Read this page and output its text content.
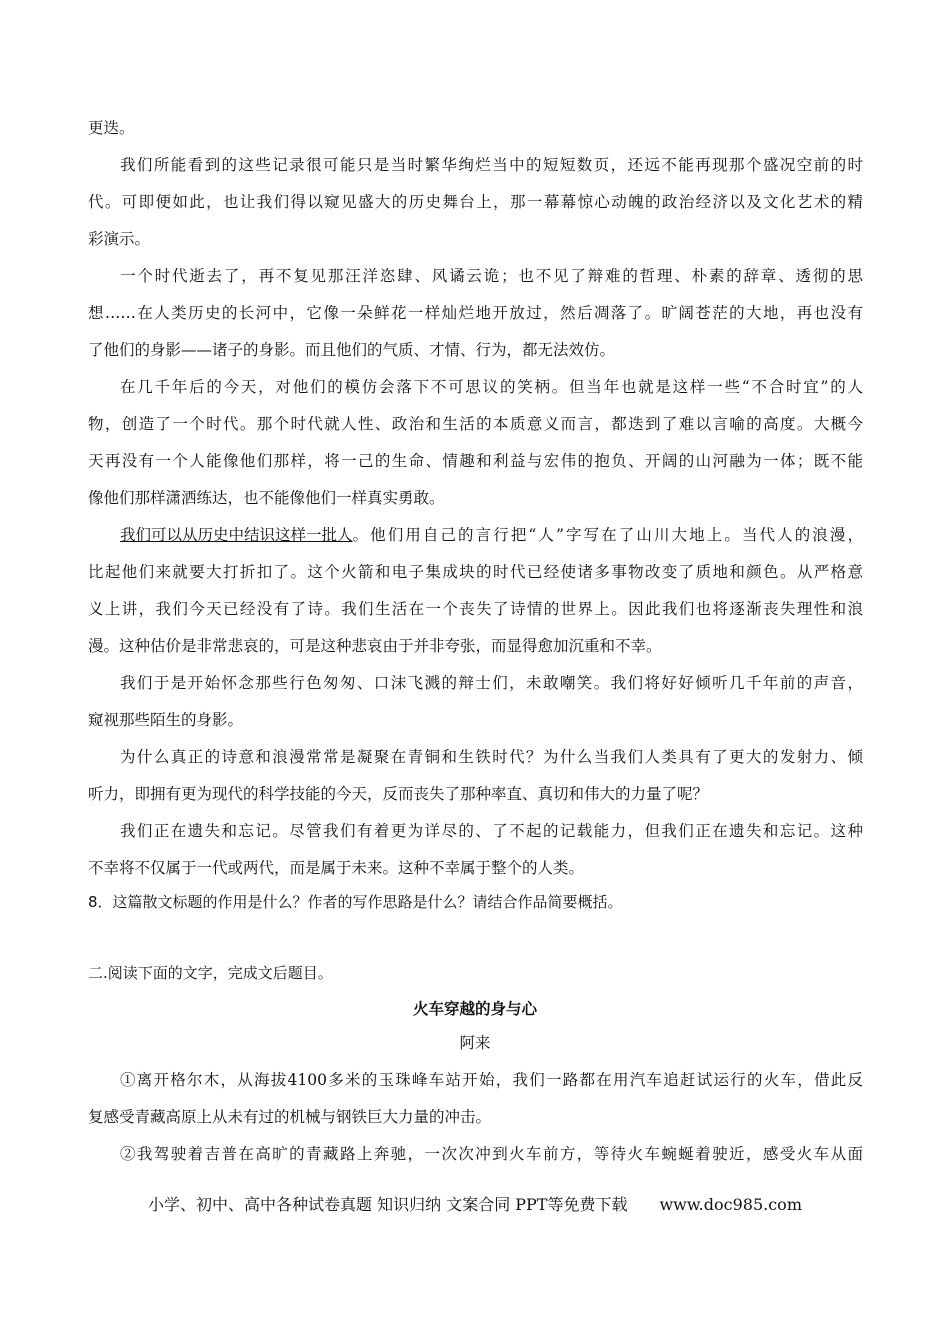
更迭。
我们所能看到的这些记录很可能只是当时繁华绚烂当中的短短数页，还远不能再现那个盛况空前的时
代。可即便如此，也让我们得以窥见盛大的历史舞台上，那一幕幕惊心动魄的政治经济以及文化艺术的精
彩演示。
一个时代逝去了，再不复见那汪洋恣肆、风谲云诡；也不见了辩难的哲理、朴素的辞章、透彻的思
想……在人类历史的长河中，它像一朵鲜花一样灿烂地开放过，然后凋落了。旷阔苍茫的大地，再也没有
了他们的身影——诸子的身影。而且他们的气质、才情、行为，都无法效仿。
在几千年后的今天，对他们的模仿会落下不可思议的笑柄。但当年也就是这样一些“不合时宜”的人
物，创造了一个时代。那个时代就人性、政治和生活的本质意义而言，都迭到了难以言喻的高度。大概今
天再没有一个人能像他们那样，将一己的生命、情趣和利益与宏伟的抱负、开阔的山河融为一体；既不能
像他们那样潇洒练达，也不能像他们一样真实勇敢。
我们可以从历史中结识这样一批人 。他们用自己的言行把“人”字写在了山川大地上。当代人的浪漫，
比起他们来就要大打折扣了。这个火箭和电子集成块的时代已经使诸多事物改变了质地和颜色。从严格意
义上讲，我们今天已经没有了诗。我们生活在一个丧失了诗情的世界上。因此我们也将逐渐丧失理性和浪
漫。这种估价是非常悲哀的，可是这种悲哀由于并非夸张，而显得愈加沉重和不幸。
我们于是开始怀念那些行色匆匆、口沫飞溅的辩士们，未敢嘲笑。我们将好好倾听几千年前的声音，
窥视那些陌生的身影。
为什么真正的诗意和浪漫常常是凝聚在青铜和生铁时代？为什么当我们人类具有了更大的发射力、倾
听力，即拥有更为现代的科学技能的今天，反而丧失了那种率直、真切和伟大的力量了呢？
我们正在遗失和忘记。尽管我们有着更为详尽的、了不起的记载能力，但我们正在遗失和忘记。这种
不幸将不仅属于一代或两代，而是属于未来。这种不幸属于整个的人类。
8．这篇散文标题的作用是什么？作者的写作思路是什么？请结合作品简要概括。
二.阅读下面的文字，完成文后题目。
火车穿越的身与心
阿来
①离开格尔木，从海拔4100多米的玉珠峰车站开始，我们一路都在用汽车追赶试运行的火车，借此反
复感受青藏高原上从未有过的机械与钢铁巨大力量的冲击。
②我驾驶着吉普在高旷的青藏路上奔驰，一次次冲到火车前方，等待火车蜿蜒着驶近，感受火车从面
小学、初中、高中各种试卷真题 知识归纳 文案合同 PPT等免费下载 www.doc985.com
